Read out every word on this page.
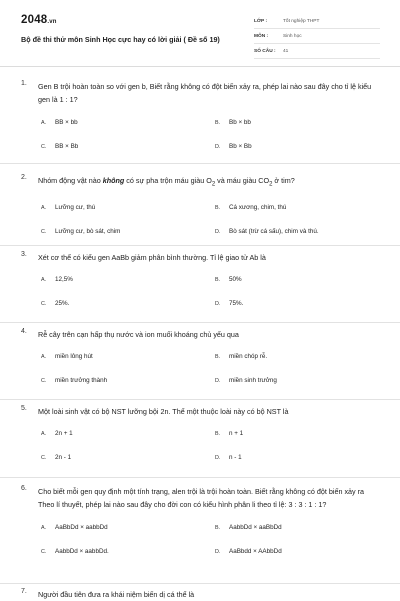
2048.vn
Bộ đề thi thử môn Sinh Học cực hay có lời giải ( Đề số 19)
LỚP :	Tốt nghiệp THPT
MÔN :	Sinh học
SỐ CÂU :	41
1. Gen B trội hoàn toàn so với gen b, Biết rằng không có đột biến xảy ra, phép lai nào sau đây cho tỉ lệ kiểu gen là 1 : 1?
A. BB × bb	B. Bb × bb
C. BB × Bb	D. Bb × Bb
2. Nhóm động vật nào không có sự pha trộn máu giàu $O_2$ và máu giàu $CO_2$ ở tim?
A. Lưỡng cư, thú	B. Cá xương, chim, thú
C. Lưỡng cư, bò sát, chim	D. Bò sát (trừ cá sấu), chim và thú.
3. Xét cơ thể có kiểu gen AaBb giảm phân bình thường. Tỉ lệ giao tử Ab là
A. 12,5%	B. 50%
C. 25%.	D. 75%.
4. Rễ cây trên cạn hấp thụ nước và ion muối khoáng chủ yếu qua
A. miền lông hút	B. miền chóp rễ.
C. miền trưởng thành	D. miền sinh trưởng
5. Một loài sinh vật có bộ NST lưỡng bội 2n. Thể một thuộc loài này có bộ NST là
A. 2n + 1	B. n + 1
C. 2n - 1	D. n - 1
6. Cho biết mỗi gen quy định một tính trạng, alen trội là trội hoàn toàn. Biết rằng không có đột biến xảy ra Theo lí thuyết, phép lai nào sau đây cho đời con có kiểu hình phân li theo tỉ lệ: 3 : 3 : 1 : 1?
A. AaBbDd × aabbDd	B. AabbDd × aaBbDd
C. AabbDd × aabbDd.	D. AaBbdd × AAbbDd
7. Người đầu tiên đưa ra khái niệm biến dị cá thể là
